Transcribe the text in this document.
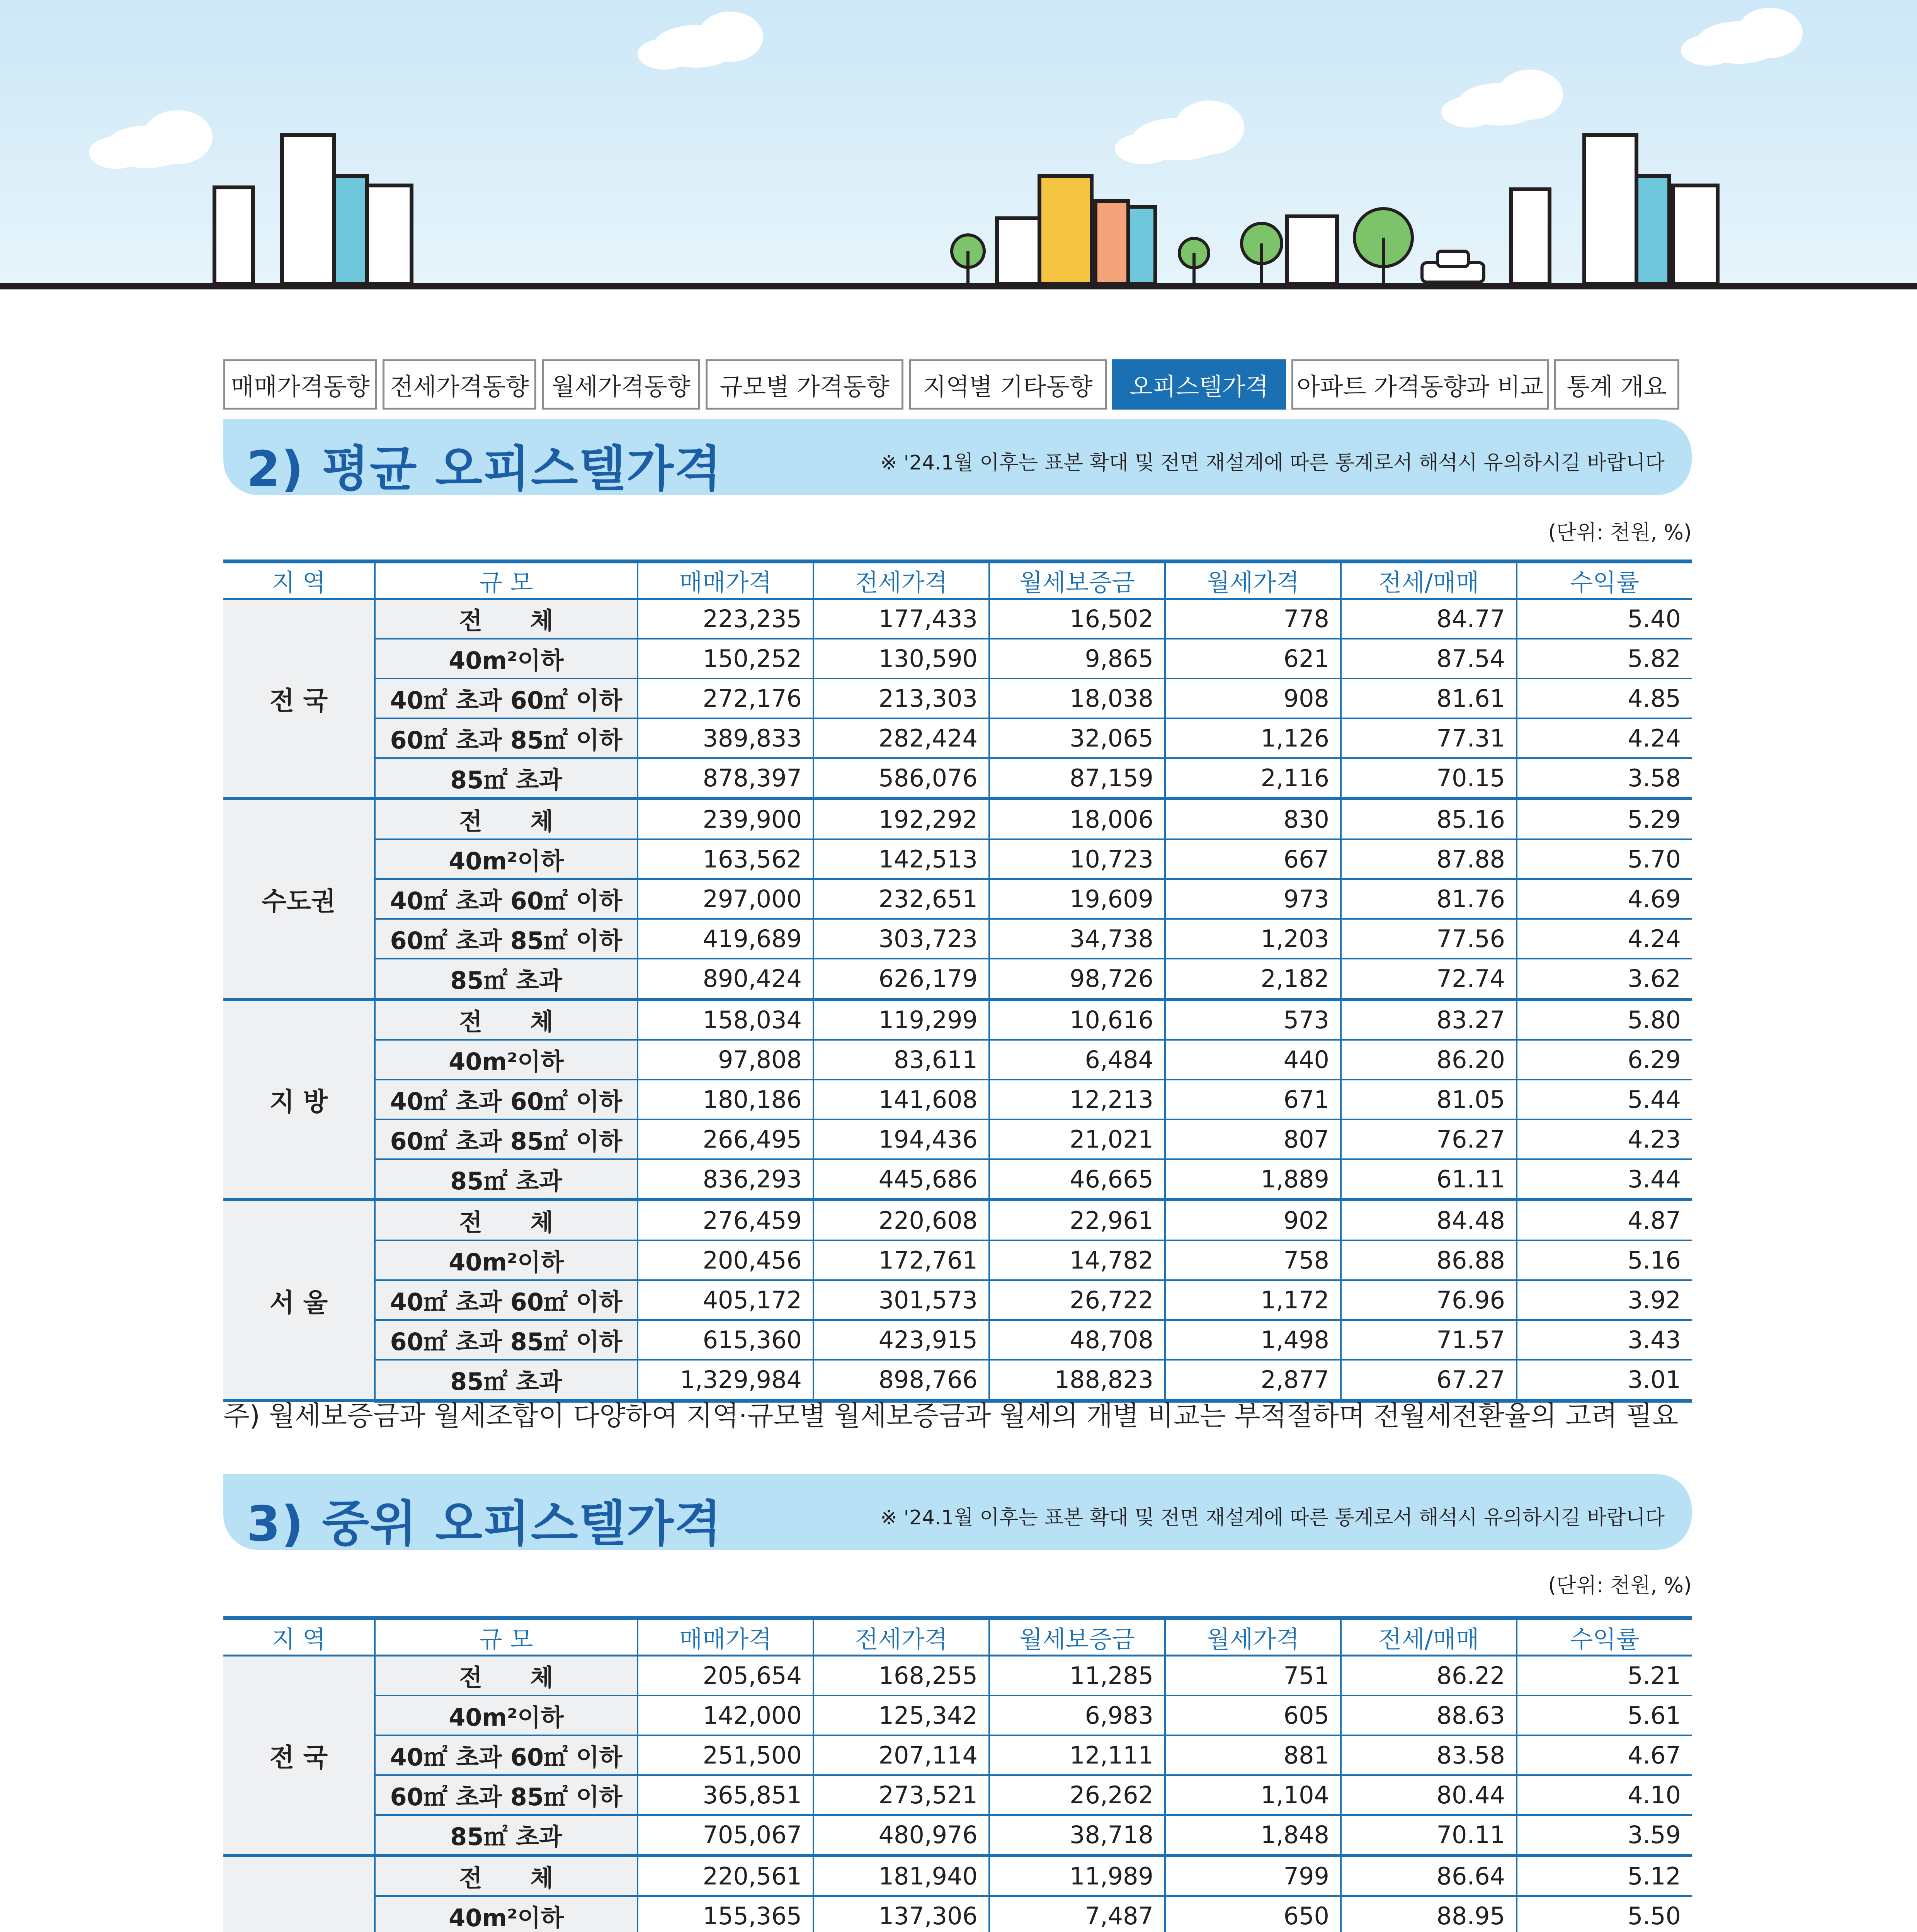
매매가격동향 전세가격동향 월세가격동향	규모별 가격동향	지역별 기타동향	오피스텔가격	아파트 가격동향과 비교 통계 개요
2) 평균 오피스텔가격	※ '24.1월 이후는 표본 확대 및 전면 재설계에 따른 통계로서 해석시 유의하시길 바랍니다
(단위: 천원, %)
지 역	규 모	매매가격	전세가격	월세보증금	월세가격	전세/매매	수익률
전 국	전　　체	223,235	177,433	16,502	778	84.77	5.40
	40m²이하	150,252	130,590	9,865	621	87.54	5.82
	40㎡ 초과 60㎡ 이하	272,176	213,303	18,038	908	81.61	4.85
	60㎡ 초과 85㎡ 이하	389,833	282,424	32,065	1,126	77.31	4.24
	85㎡ 초과	878,397	586,076	87,159	2,116	70.15	3.58
수도권	전　　체	239,900	192,292	18,006	830	85.16	5.29
	40m²이하	163,562	142,513	10,723	667	87.88	5.70
	40㎡ 초과 60㎡ 이하	297,000	232,651	19,609	973	81.76	4.69
	60㎡ 초과 85㎡ 이하	419,689	303,723	34,738	1,203	77.56	4.24
	85㎡ 초과	890,424	626,179	98,726	2,182	72.74	3.62
지 방	전　　체	158,034	119,299	10,616	573	83.27	5.80
	40m²이하	97,808	83,611	6,484	440	86.20	6.29
	40㎡ 초과 60㎡ 이하	180,186	141,608	12,213	671	81.05	5.44
	60㎡ 초과 85㎡ 이하	266,495	194,436	21,021	807	76.27	4.23
	85㎡ 초과	836,293	445,686	46,665	1,889	61.11	3.44
서 울	전　　체	276,459	220,608	22,961	902	84.48	4.87
	40m²이하	200,456	172,761	14,782	758	86.88	5.16
	40㎡ 초과 60㎡ 이하	405,172	301,573	26,722	1,172	76.96	3.92
	60㎡ 초과 85㎡ 이하	615,360	423,915	48,708	1,498	71.57	3.43
	85㎡ 초과	1,329,984	898,766	188,823	2,877	67.27	3.01
주) 월세보증금과 월세조합이 다양하여 지역·규모별 월세보증금과 월세의 개별 비교는 부적절하며 전월세전환율의 고려 필요
3) 중위 오피스텔가격	※ '24.1월 이후는 표본 확대 및 전면 재설계에 따른 통계로서 해석시 유의하시길 바랍니다
(단위: 천원, %)
지 역	규 모	매매가격	전세가격	월세보증금	월세가격	전세/매매	수익률
전 국	전　　체	205,654	168,255	11,285	751	86.22	5.21
	40m²이하	142,000	125,342	6,983	605	88.63	5.61
	40㎡ 초과 60㎡ 이하	251,500	207,114	12,111	881	83.58	4.67
	60㎡ 초과 85㎡ 이하	365,851	273,521	26,262	1,104	80.44	4.10
	85㎡ 초과	705,067	480,976	38,718	1,848	70.11	3.59
	전　　체	220,561	181,940	11,989	799	86.64	5.12
	40m²이하	155,365	137,306	7,487	650	88.95	5.50
